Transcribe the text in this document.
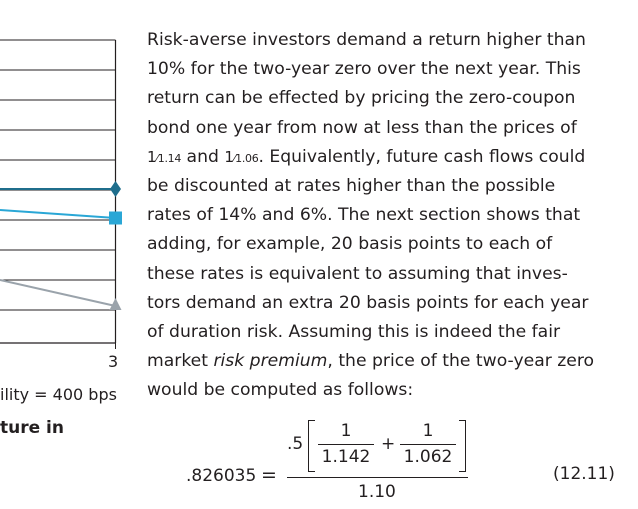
3
ility = 400 bps
ture in
Risk-averse investors demand a return higher than
10% for the two-year zero over the next year. This
return can be effected by pricing the zero-coupon
bond one year from now at less than the prices of
1⁄1.14 and 1⁄1.06. Equivalently, future cash flows could
be discounted at rates higher than the possible
rates of 14% and 6%. The next section shows that
adding, for example, 20 basis points to each of
these rates is equivalent to assuming that inves-
tors demand an extra 20 basis points for each year
of duration risk. Assuming this is indeed the fair
market risk premium, the price of the two-year zero
would be computed as follows:
.826035 =
.5
1
1.142
+
1
1.062
1.10
(12.11)
